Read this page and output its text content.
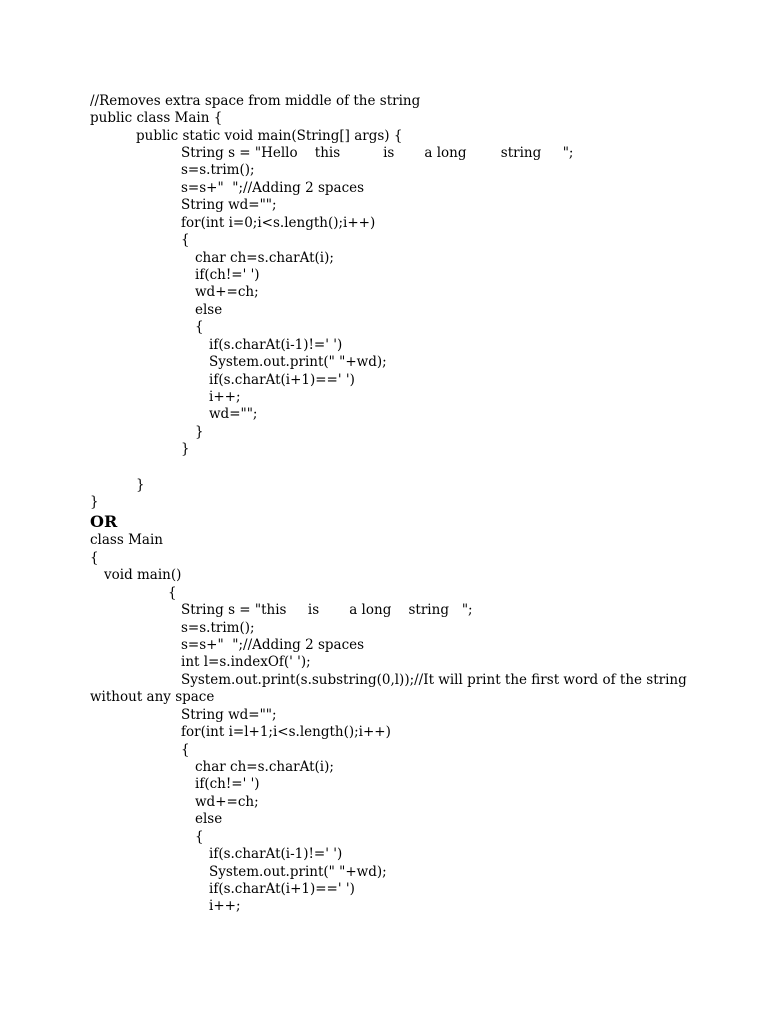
//Removes extra space from middle of the string
public class Main {
public static void main(String[] args) {
String s = "Hello    this          is       a long        string     ";
s=s.trim();
s=s+"  ";//Adding 2 spaces
String wd="";
for(int i=0;i<s.length();i++)
{
char ch=s.charAt(i);
if(ch!=' ')
wd+=ch;
else
{
if(s.charAt(i-1)!=' ')
System.out.print(" "+wd);
if(s.charAt(i+1)==' ')
i++;
wd="";
}
}
}
}
OR
class Main
{
void main()
{
String s = "this     is       a long    string   ";
s=s.trim();
s=s+"  ";//Adding 2 spaces
int l=s.indexOf(' ');
System.out.print(s.substring(0,l));//It will print the first word of the string
without any space
String wd="";
for(int i=l+1;i<s.length();i++)
{
char ch=s.charAt(i);
if(ch!=' ')
wd+=ch;
else
{
if(s.charAt(i-1)!=' ')
System.out.print(" "+wd);
if(s.charAt(i+1)==' ')
i++;
